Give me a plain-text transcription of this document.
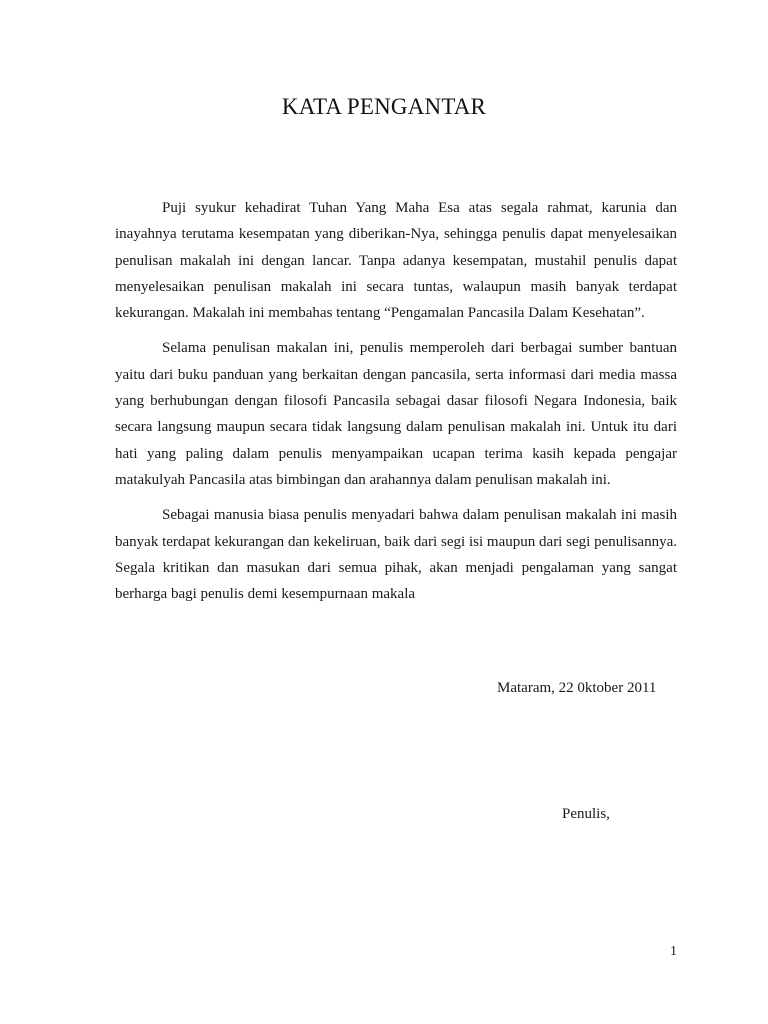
KATA PENGANTAR

Puji syukur kehadirat Tuhan Yang Maha Esa atas segala rahmat, karunia dan inayahnya terutama kesempatan yang diberikan-Nya, sehingga penulis dapat menyelesaikan penulisan makalah ini dengan lancar. Tanpa adanya kesempatan, mustahil penulis dapat menyelesaikan penulisan makalah ini secara tuntas, walaupun masih banyak terdapat kekurangan. Makalah ini membahas tentang “Pengamalan Pancasila Dalam Kesehatan”.

Selama penulisan makalan ini, penulis memperoleh dari berbagai sumber bantuan yaitu dari buku panduan yang berkaitan dengan pancasila, serta informasi dari media massa yang berhubungan dengan filosofi Pancasila sebagai dasar filosofi Negara Indonesia, baik secara langsung maupun secara tidak langsung dalam penulisan makalah ini. Untuk itu dari hati yang paling dalam penulis menyampaikan ucapan terima kasih kepada pengajar matakulyah Pancasila atas bimbingan dan arahannya dalam penulisan makalah ini.

Sebagai manusia biasa penulis menyadari bahwa dalam penulisan makalah ini masih banyak terdapat kekurangan dan kekeliruan, baik dari segi isi maupun dari segi penulisannya. Segala kritikan dan masukan dari semua pihak, akan menjadi pengalaman yang sangat berharga bagi penulis demi kesempurnaan makala

Mataram, 22 0ktober 2011
Penulis,
1
